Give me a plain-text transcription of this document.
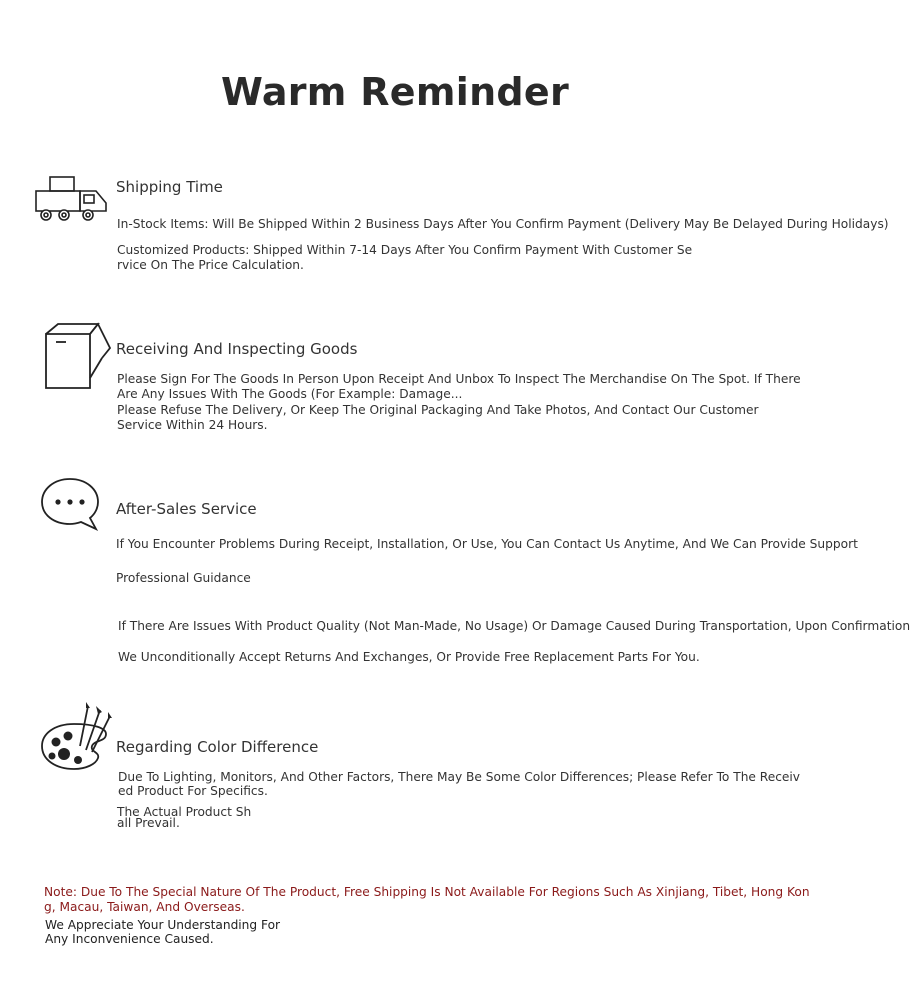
Warm Reminder
Shipping Time
In-Stock Items: Will Be Shipped Within 2 Business Days After You Confirm Payment (Delivery May Be Delayed During Holidays)
Customized Products: Shipped Within 7-14 Days After You Confirm Payment With Customer Se
rvice On The Price Calculation.
Receiving And Inspecting Goods
Please Sign For The Goods In Person Upon Receipt And Unbox To Inspect The Merchandise On The Spot. If There
Are Any Issues With The Goods (For Example: Damage...
Please Refuse The Delivery, Or Keep The Original Packaging And Take Photos, And Contact Our Customer
Service Within 24 Hours.
After-Sales Service
If You Encounter Problems During Receipt, Installation, Or Use, You Can Contact Us Anytime, And We Can Provide Support
Professional Guidance
If There Are Issues With Product Quality (Not Man-Made, No Usage) Or Damage Caused During Transportation, Upon Confirmation
We Unconditionally Accept Returns And Exchanges, Or Provide Free Replacement Parts For You.
Regarding Color Difference
Due To Lighting, Monitors, And Other Factors, There May Be Some Color Differences; Please Refer To The Receiv
ed Product For Specifics.
The Actual Product Sh
all Prevail.
Note: Due To The Special Nature Of The Product, Free Shipping Is Not Available For Regions Such As Xinjiang, Tibet, Hong Kon
g, Macau, Taiwan, And Overseas.
We Appreciate Your Understanding For
Any Inconvenience Caused.
